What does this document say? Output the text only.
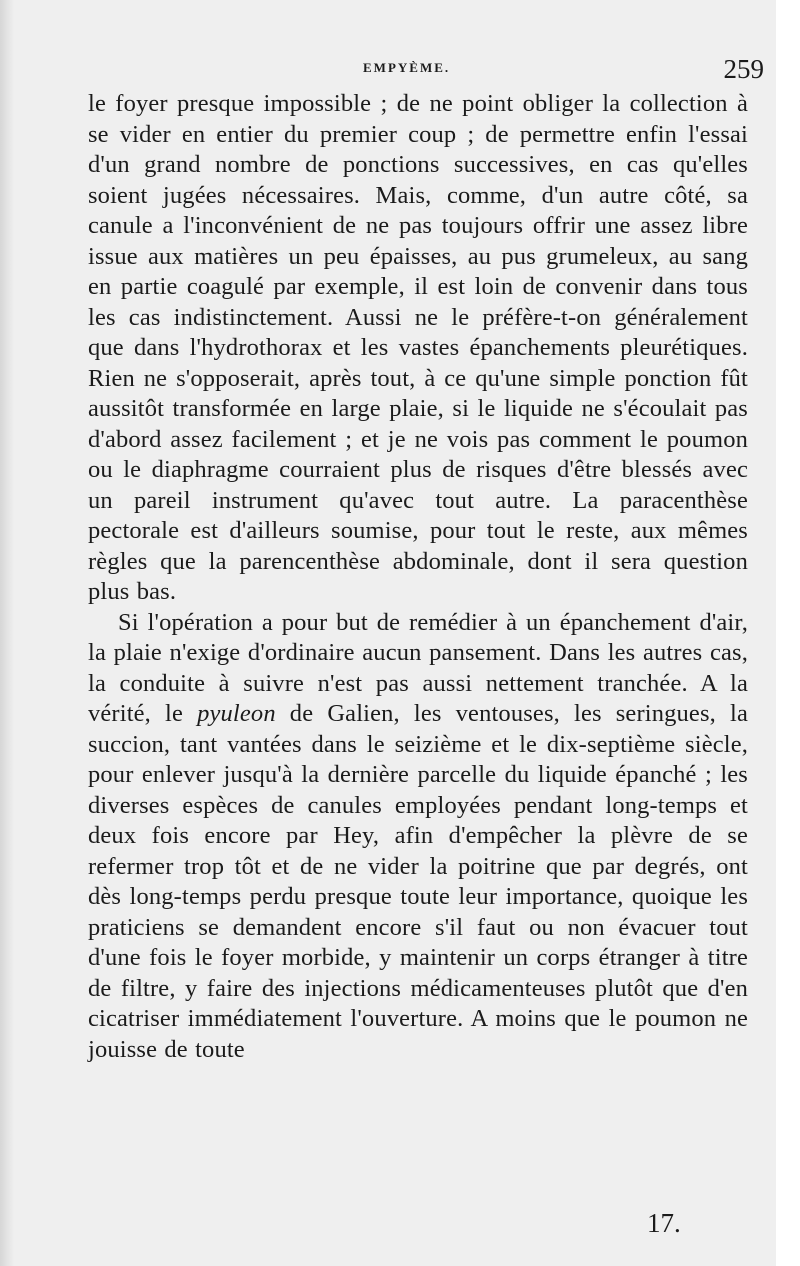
EMPYÈME.	259

le foyer presque impossible ; de ne point obliger la collection à se vider en entier du premier coup ; de permettre enfin l'essai d'un grand nombre de ponctions successives, en cas qu'elles soient jugées nécessaires. Mais, comme, d'un autre côté, sa canule a l'inconvénient de ne pas toujours offrir une assez libre issue aux matières un peu épaisses, au pus grumeleux, au sang en partie coagulé par exemple, il est loin de convenir dans tous les cas indistinctement. Aussi ne le préfère-t-on généralement que dans l'hydrothorax et les vastes épanchements pleurétiques. Rien ne s'opposerait, après tout, à ce qu'une simple ponction fût aussitôt transformée en large plaie, si le liquide ne s'écoulait pas d'abord assez facilement ; et je ne vois pas comment le poumon ou le diaphragme courraient plus de risques d'être blessés avec un pareil instrument qu'avec tout autre. La paracenthèse pectorale est d'ailleurs soumise, pour tout le reste, aux mêmes règles que la parencenthèse abdominale, dont il sera question plus bas.

Si l'opération a pour but de remédier à un épanchement d'air, la plaie n'exige d'ordinaire aucun pansement. Dans les autres cas, la conduite à suivre n'est pas aussi nettement tranchée. A la vérité, le pyuleon de Galien, les ventouses, les seringues, la succion, tant vantées dans le seizième et le dix-septième siècle, pour enlever jusqu'à la dernière parcelle du liquide épanché ; les diverses espèces de canules employées pendant long-temps et deux fois encore par Hey, afin d'empêcher la plèvre de se refermer trop tôt et de ne vider la poitrine que par degrés, ont dès long-temps perdu presque toute leur importance, quoique les praticiens se demandent encore s'il faut ou non évacuer tout d'une fois le foyer morbide, y maintenir un corps étranger à titre de filtre, y faire des injections médicamenteuses plutôt que d'en cicatriser immédiatement l'ouverture. A moins que le poumon ne jouisse de toute

17.
